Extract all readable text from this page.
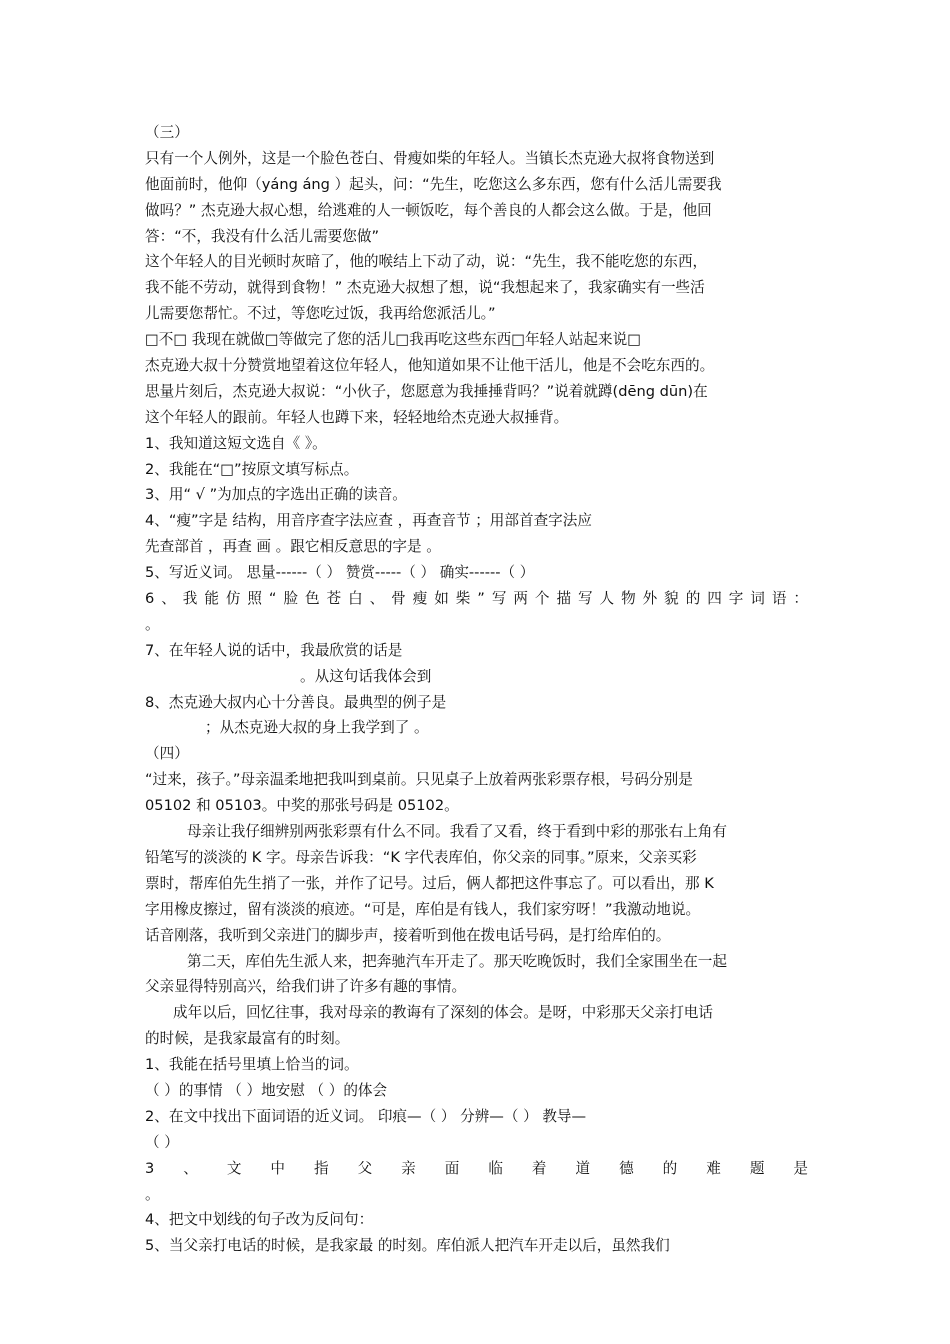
（三）
只有一个人例外，这是一个脸色苍白、骨瘦如柴的年轻人。当镇长杰克逊大叔将食物送到
他面前时，他仰（yáng áng ）起头，问：“先生，吃您这么多东西，您有什么活儿需要我
做吗？” 杰克逊大叔心想，给逃难的人一顿饭吃，每个善良的人都会这么做。于是，他回
答：“不，我没有什么活儿需要您做”
这个年轻人的目光顿时灰暗了，他的喉结上下动了动，说：“先生，我不能吃您的东西，
我不能不劳动，就得到食物！” 杰克逊大叔想了想，说“我想起来了，我家确实有一些活
儿需要您帮忙。不过，等您吃过饭，我再给您派活儿。”
□不□ 我现在就做□等做完了您的活儿□我再吃这些东西□年轻人站起来说□
杰克逊大叔十分赞赏地望着这位年轻人，他知道如果不让他干活儿，他是不会吃东西的。
思量片刻后，杰克逊大叔说：“小伙子，您愿意为我捶捶背吗？”说着就蹲(dēng dūn)在
这个年轻人的跟前。年轻人也蹲下来，轻轻地给杰克逊大叔捶背。
1、我知道这短文选自《 》。
2、我能在“□”按原文填写标点。
3、用“ √ ”为加点的字选出正确的读音。
4、“瘦”字是 结构，用音序查字法应查 ，再查音节 ；用部首查字法应
先查部首 ，再查 画 。跟它相反意思的字是 。
5、写近义词。 思量------（ ） 赞赏-----（ ） 确实------（ ）
6、我能仿照“脸色苍白、骨瘦如柴”写两个描写人物外貌的四字词语：
。
7、在年轻人说的话中，我最欣赏的话是
。从这句话我体会到
8、杰克逊大叔内心十分善良。最典型的例子是
；从杰克逊大叔的身上我学到了 。
（四）
“过来，孩子。”母亲温柔地把我叫到桌前。只见桌子上放着两张彩票存根，号码分别是
05102 和 05103。中奖的那张号码是 05102。
母亲让我仔细辨别两张彩票有什么不同。我看了又看，终于看到中彩的那张右上角有
铅笔写的淡淡的 K 字。母亲告诉我：“K 字代表库伯，你父亲的同事。”原来，父亲买彩
票时，帮库伯先生捎了一张，并作了记号。过后，俩人都把这件事忘了。可以看出，那 K
字用橡皮擦过，留有淡淡的痕迹。“可是，库伯是有钱人，我们家穷呀！”我激动地说。
话音刚落，我听到父亲进门的脚步声，接着听到他在拨电话号码，是打给库伯的。
第二天，库伯先生派人来，把奔驰汽车开走了。那天吃晚饭时，我们全家围坐在一起
父亲显得特别高兴，给我们讲了许多有趣的事情。
成年以后，回忆往事，我对母亲的教诲有了深刻的体会。是呀，中彩那天父亲打电话
的时候，是我家最富有的时刻。
1、我能在括号里填上恰当的词。
（ ）的事情 （ ）地安慰 （ ）的体会
2、在文中找出下面词语的近义词。 印痕—（ ） 分辨—（ ） 教导—
（ ）
3、文中指父亲面临着道德的难题是
。
4、把文中划线的句子改为反问句：
5、当父亲打电话的时候，是我家最 的时刻。库伯派人把汽车开走以后，虽然我们
